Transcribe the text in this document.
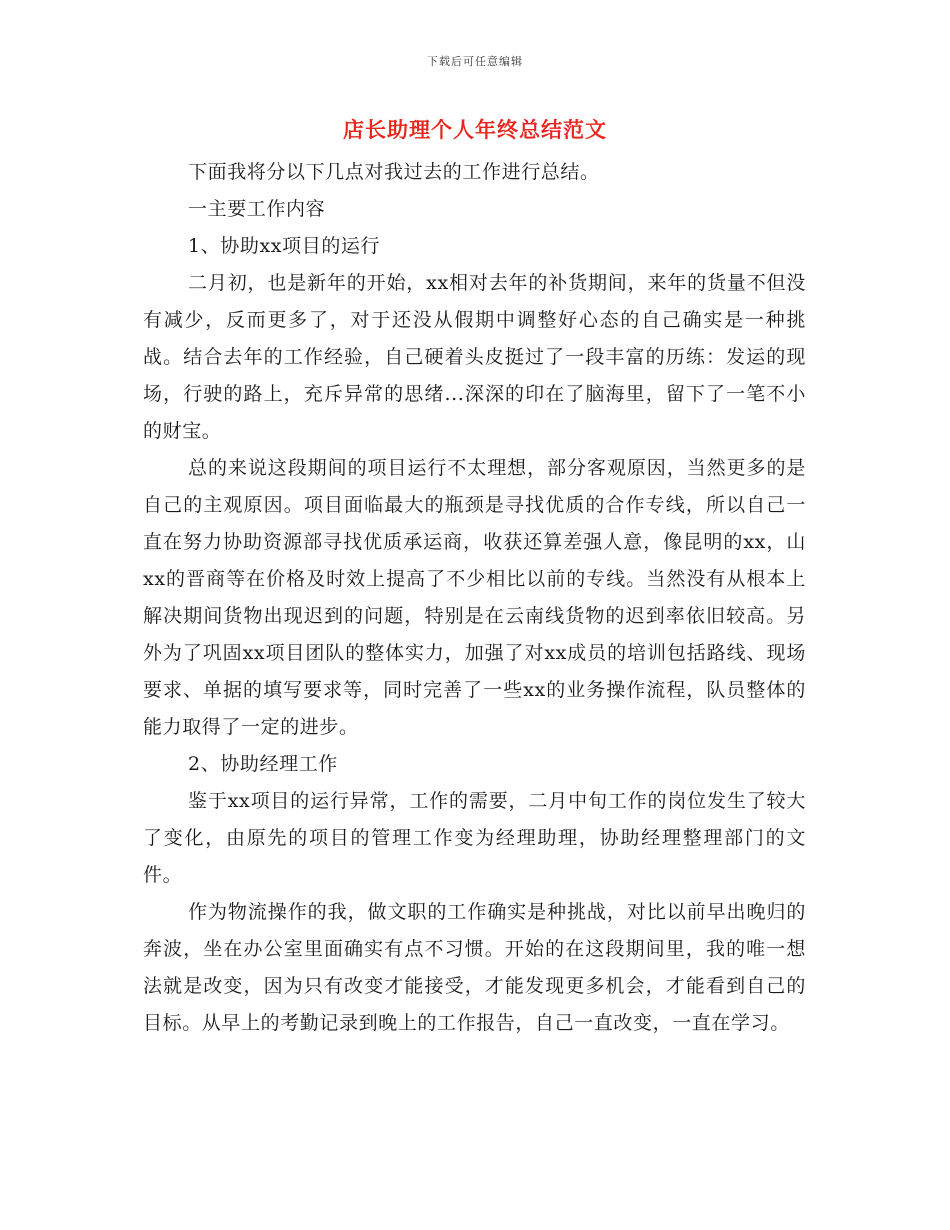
下载后可任意编辑
店长助理个人年终总结范文

下面我将分以下几点对我过去的工作进行总结。

一主要工作内容

1、协助xx项目的运行

二月初，也是新年的开始，xx相对去年的补货期间，来年的货量不但没有减少，反而更多了，对于还没从假期中调整好心态的自己确实是一种挑战。结合去年的工作经验，自己硬着头皮挺过了一段丰富的历练：发运的现场，行驶的路上，充斥异常的思绪...深深的印在了脑海里，留下了一笔不小的财宝。

总的来说这段期间的项目运行不太理想，部分客观原因，当然更多的是自己的主观原因。项目面临最大的瓶颈是寻找优质的合作专线，所以自己一直在努力协助资源部寻找优质承运商，收获还算差强人意，像昆明的xx，山xx的晋商等在价格及时效上提高了不少相比以前的专线。当然没有从根本上解决期间货物出现迟到的问题，特别是在云南线货物的迟到率依旧较高。另外为了巩固xx项目团队的整体实力，加强了对xx成员的培训包括路线、现场要求、单据的填写要求等，同时完善了一些xx的业务操作流程，队员整体的能力取得了一定的进步。

2、协助经理工作

鉴于xx项目的运行异常，工作的需要，二月中旬工作的岗位发生了较大了变化，由原先的项目的管理工作变为经理助理，协助经理整理部门的文件。

作为物流操作的我，做文职的工作确实是种挑战，对比以前早出晚归的奔波，坐在办公室里面确实有点不习惯。开始的在这段期间里，我的唯一想法就是改变，因为只有改变才能接受，才能发现更多机会，才能看到自己的目标。从早上的考勤记录到晚上的工作报告，自己一直改变，一直在学习。
